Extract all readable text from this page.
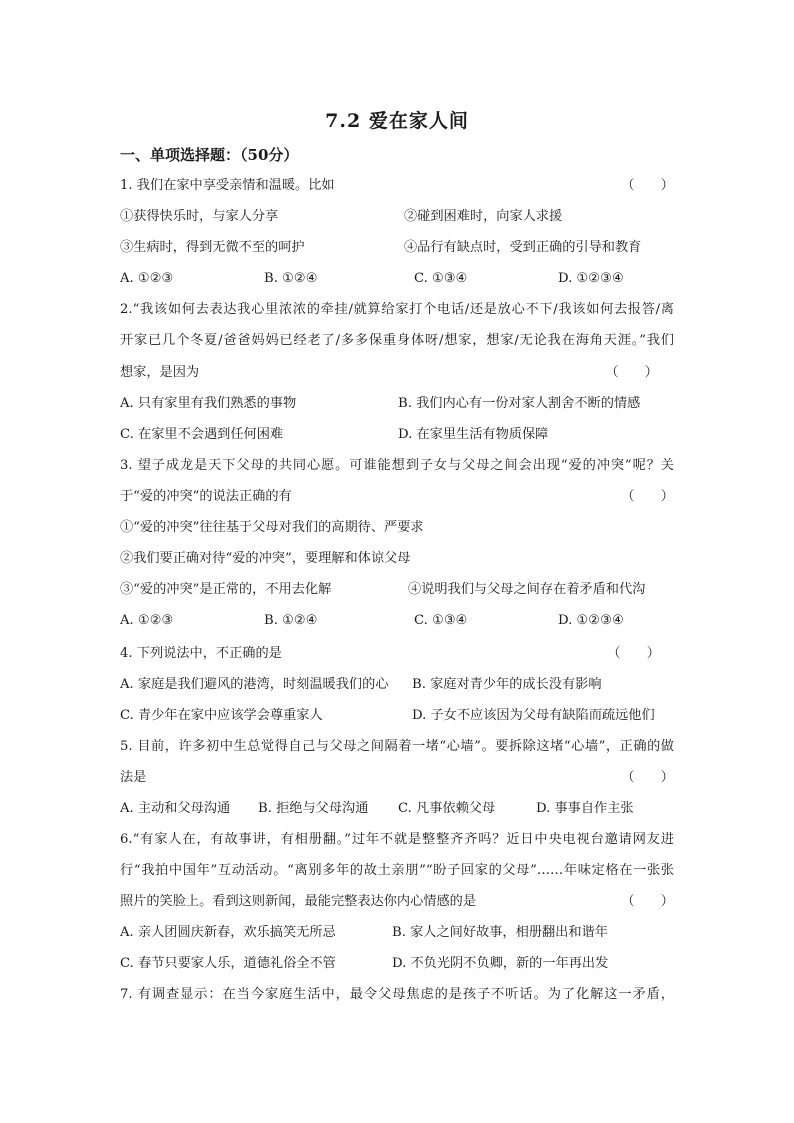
7.2 爱在家人间
一、单项选择题：（50分）
1. 我们在家中享受亲情和温暖。比如	（　　）
①获得快乐时，与家人分享	②碰到困难时，向家人求援
③生病时，得到无微不至的呵护	④品行有缺点时，受到正确的引导和教育
A. ①②③	B. ①②④	C. ①③④	D. ①②③④
2.“我该如何去表达我心里浓浓的牵挂/就算给家打个电话/还是放心不下/我该如何去报答/离
开家已几个冬夏/爸爸妈妈已经老了/多多保重身体呀/想家，想家/无论我在海角天涯。”我们
想家，是因为	（　　）
A. 只有家里有我们熟悉的事物	B. 我们内心有一份对家人割舍不断的情感
C. 在家里不会遇到任何困难	D. 在家里生活有物质保障
3. 望子成龙是天下父母的共同心愿。可谁能想到子女与父母之间会出现“爱的冲突”呢？关
于“爱的冲突”的说法正确的有	（　　）
①“爱的冲突”往往基于父母对我们的高期待、严要求
②我们要正确对待“爱的冲突”，要理解和体谅父母
③“爱的冲突”是正常的，不用去化解	④说明我们与父母之间存在着矛盾和代沟
A. ①②③	B. ①②④	C. ①③④	D. ①②③④
4. 下列说法中，不正确的是	（　　）
A. 家庭是我们避风的港湾，时刻温暖我们的心 B. 家庭对青少年的成长没有影响
C. 青少年在家中应该学会尊重家人	D. 子女不应该因为父母有缺陷而疏远他们
5. 目前，许多初中生总觉得自己与父母之间隔着一堵“心墙”。要拆除这堵“心墙”，正确的做
法是	（　　）
A. 主动和父母沟通 B. 拒绝与父母沟通 C. 凡事依赖父母	D. 事事自作主张
6.“有家人在，有故事讲，有相册翻。”过年不就是整整齐齐吗？近日中央电视台邀请网友进
行“我拍中国年”互动活动。“离别多年的故土亲朋”“盼子回家的父母”……年味定格在一张张
照片的笑脸上。看到这则新闻，最能完整表达你内心情感的是	（　　）
A. 亲人团圆庆新春，欢乐搞笑无所忌	B. 家人之间好故事，相册翻出和谐年
C. 春节只要家人乐，道德礼俗全不管	D. 不负光阴不负卿，新的一年再出发
7. 有调查显示：在当今家庭生活中，最令父母焦虑的是孩子不听话。为了化解这一矛盾，
